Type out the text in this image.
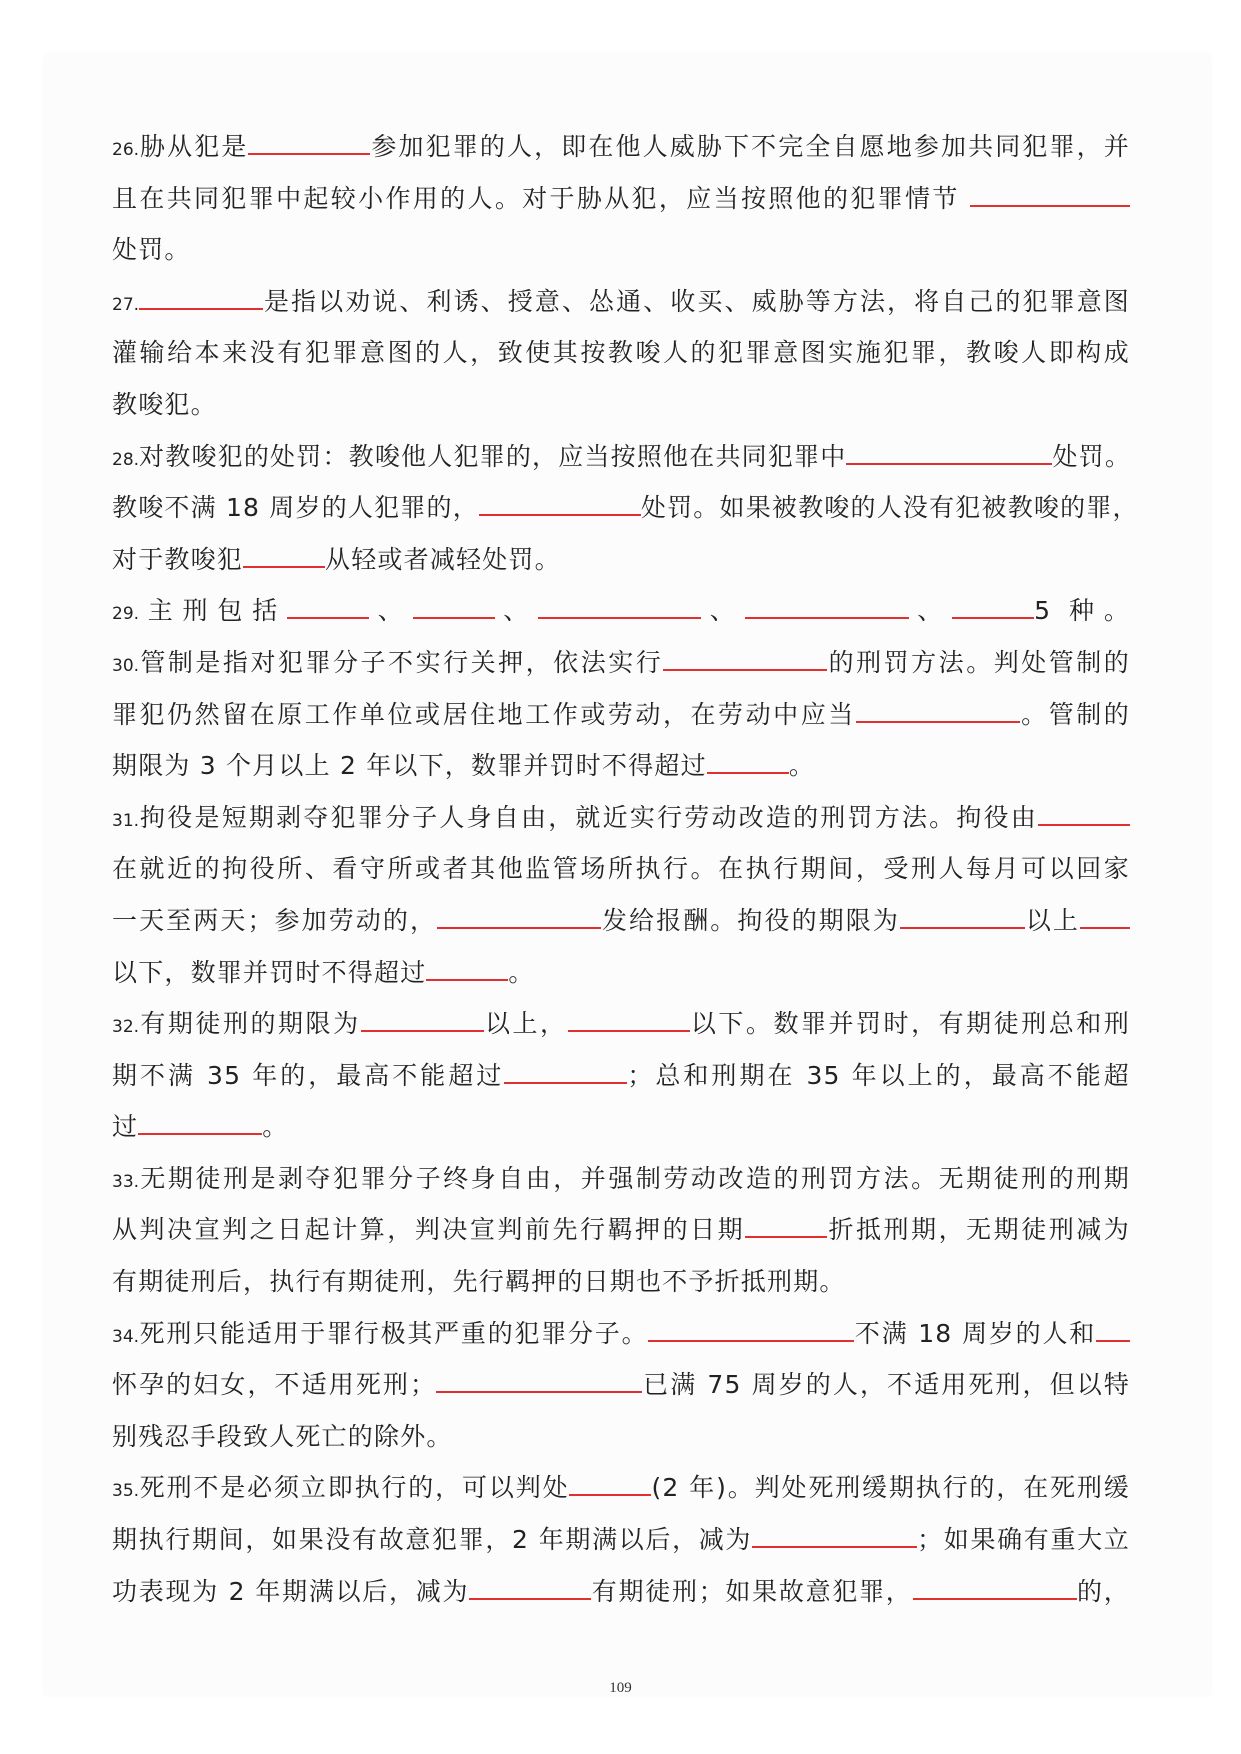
26.胁从犯是	参加犯罪的人，即在他人威胁下不完全自愿地参加共同犯罪，并
且在共同犯罪中起较小作用的人。对于胁从犯，应当按照他的犯罪情节
处罚。
27.	是指以劝说、利诱、授意、怂通、收买、威胁等方法，将自己的犯罪意图
灌输给本来没有犯罪意图的人，致使其按教唆人的犯罪意图实施犯罪，教唆人即构成
教唆犯。
28.对教唆犯的处罚：教唆他人犯罪的，应当按照他在共同犯罪中	处罚。
教唆不满 18 周岁的人犯罪的，	处罚。如果被教唆的人没有犯被教唆的罪，
对于教唆犯	从轻或者减轻处罚。
29.主刑包括	、	、	、	、	5 种。
30.管制是指对犯罪分子不实行关押，依法实行	的刑罚方法。判处管制的
罪犯仍然留在原工作单位或居住地工作或劳动，在劳动中应当	。管制的
期限为 3 个月以上 2 年以下，数罪并罚时不得超过	。
31.拘役是短期剥夺犯罪分子人身自由，就近实行劳动改造的刑罚方法。拘役由
在就近的拘役所、看守所或者其他监管场所执行。在执行期间，受刑人每月可以回家
一天至两天；参加劳动的，	发给报酬。拘役的期限为	以上
以下，数罪并罚时不得超过	。
32.有期徒刑的期限为	以上，	以下。数罪并罚时，有期徒刑总和刑
期不满 35 年的，最高不能超过	；总和刑期在 35 年以上的，最高不能超
过	。
33.无期徒刑是剥夺犯罪分子终身自由，并强制劳动改造的刑罚方法。无期徒刑的刑期
从判决宣判之日起计算，判决宣判前先行羁押的日期	折抵刑期，无期徒刑减为
有期徒刑后，执行有期徒刑，先行羁押的日期也不予折抵刑期。
34.死刑只能适用于罪行极其严重的犯罪分子。	不满 18 周岁的人和
怀孕的妇女，不适用死刑；	已满 75 周岁的人，不适用死刑，但以特
别残忍手段致人死亡的除外。
35.死刑不是必须立即执行的，可以判处	(2 年)。判处死刑缓期执行的，在死刑缓
期执行期间，如果没有故意犯罪，2 年期满以后，减为	；如果确有重大立
功表现为 2 年期满以后，减为	有期徒刑；如果故意犯罪，	的，
109
